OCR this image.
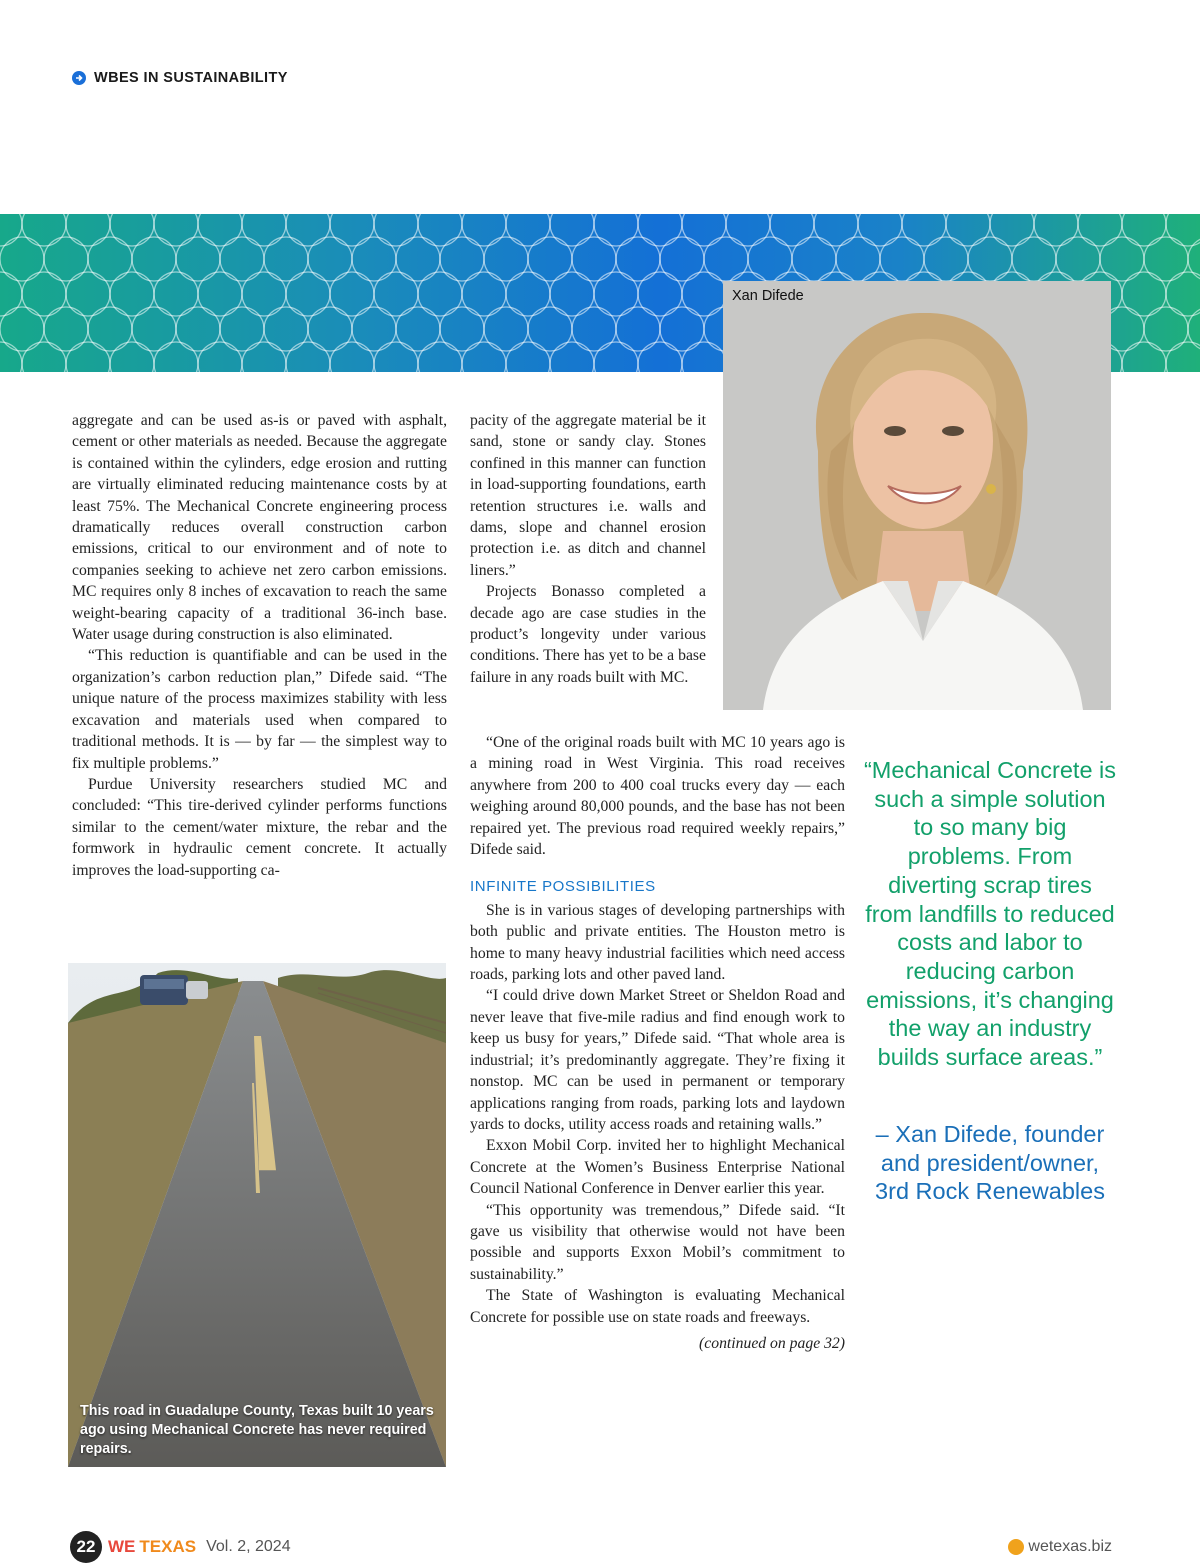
WBES IN SUSTAINABILITY
Xan Difede

aggregate and can be used as-is or paved with asphalt, cement or other materials as needed. Because the aggregate is contained within the cylinders, edge erosion and rutting are virtually eliminated reducing maintenance costs by at least 75%. The Mechanical Concrete engineering process dramatically reduces overall construction carbon emissions, critical to our environment and of note to companies seeking to achieve net zero carbon emissions. MC requires only 8 inches of excavation to reach the same weight-bearing capacity of a traditional 36-inch base. Water usage during construction is also eliminated.

“This reduction is quantifiable and can be used in the organization’s carbon reduction plan,” Difede said. “The unique nature of the process maximizes stability with less excavation and materials used when compared to traditional methods. It is — by far — the simplest way to fix multiple problems.”

Purdue University researchers studied MC and concluded: “This tire-derived cylinder performs functions similar to the cement/water mixture, the rebar and the formwork in hydraulic cement concrete. It actually improves the load-supporting ca-

pacity of the aggregate material be it sand, stone or sandy clay. Stones confined in this manner can function in load-supporting foundations, earth retention structures i.e. walls and dams, slope and channel erosion protection i.e. as ditch and channel liners.”

Projects Bonasso completed a decade ago are case studies in the product’s longevity under various conditions. There has yet to be a base failure in any roads built with MC.

“One of the original roads built with MC 10 years ago is a mining road in West Virginia. This road receives anywhere from 200 to 400 coal trucks every day — each weighing around 80,000 pounds, and the base has not been repaired yet. The previous road required weekly repairs,” Difede said.

INFINITE POSSIBILITIES

She is in various stages of developing partnerships with both public and private entities. The Houston metro is home to many heavy industrial facilities which need access roads, parking lots and other paved land.

“I could drive down Market Street or Sheldon Road and never leave that five-mile radius and find enough work to keep us busy for years,” Difede said. “That whole area is industrial; it’s predominantly aggregate. They’re fixing it nonstop. MC can be used in permanent or temporary applications ranging from roads, parking lots and laydown yards to docks, utility access roads and retaining walls.”

Exxon Mobil Corp. invited her to highlight Mechanical Concrete at the Women’s Business Enterprise National Council National Conference in Denver earlier this year.

“This opportunity was tremendous,” Difede said. “It gave us visibility that otherwise would not have been possible and supports Exxon Mobil’s commitment to sustainability.”

The State of Washington is evaluating Mechanical Concrete for possible use on state roads and freeways.

(continued on page 32)
This road in Guadalupe County, Texas built 10 years ago using Mechanical Concrete has never required repairs.
“Mechanical Concrete is such a simple solution to so many big problems. From diverting scrap tires from landfills to reduced costs and labor to reducing carbon emissions, it’s changing the way an industry builds surface areas.”
– Xan Difede, founder and president/owner, 3rd Rock Renewables
22 WE TEXAS Vol. 2, 2024	wetexas.biz
